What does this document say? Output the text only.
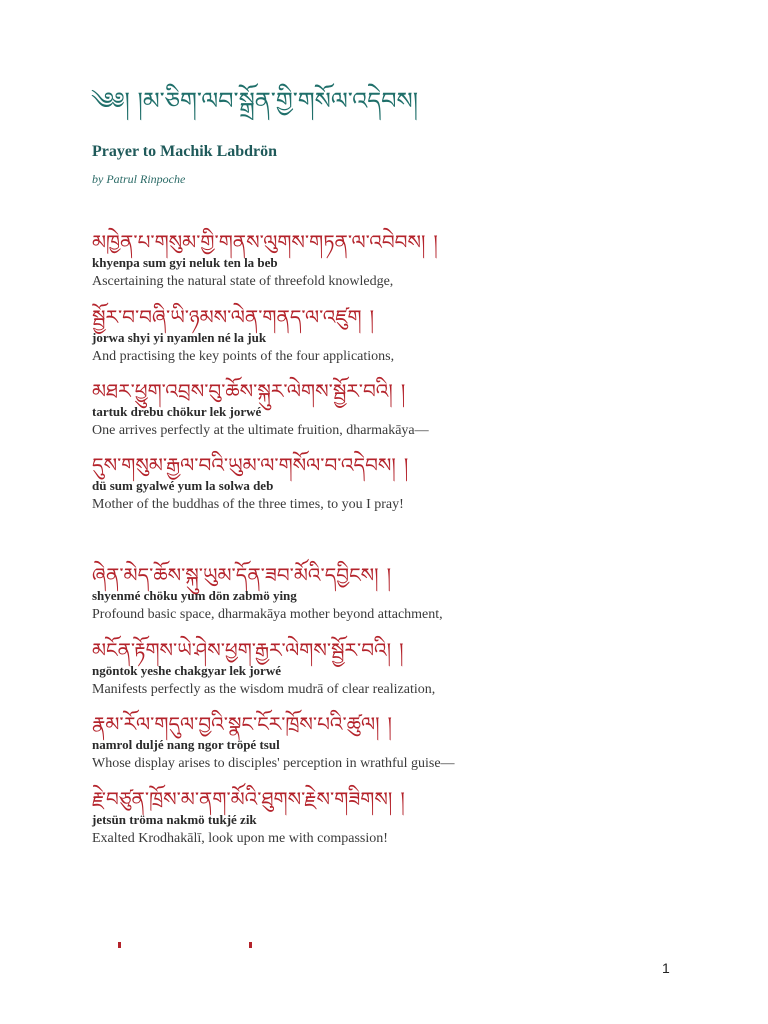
༄༅། །མ་ཅིག་ལབ་སྒྲོན་གྱི་གསོལ་འདེབས།
Prayer to Machik Labdrön
by Patrul Rinpoche
མཁྱེན་པ་གསུམ་གྱི་གནས་ལུགས་གཏན་ལ་འབེབས། །
khyenpa sum gyi neluk ten la beb
Ascertaining the natural state of threefold knowledge,
སྦྱོར་བ་བཞི་ཡི་ཉམས་ལེན་གནད་ལ་འཛུག །
jorwa shyi yi nyamlen né la juk
And practising the key points of the four applications,
མཐར་ཕྱུག་འབྲས་བུ་ཆོས་སྐུར་ལེགས་སྦྱོར་བའི། །
tartuk drebu chökur lek jorwé
One arrives perfectly at the ultimate fruition, dharmakāya—
དུས་གསུམ་རྒྱལ་བའི་ཡུམ་ལ་གསོལ་བ་འདེབས། །
dü sum gyalwé yum la solwa deb
Mother of the buddhas of the three times, to you I pray!
ཞེན་མེད་ཆོས་སྐུ་ཡུམ་དོན་ཟབ་མོའི་དབྱིངས། །
shyenmé chöku yum dön zabmö ying
Profound basic space, dharmakāya mother beyond attachment,
མངོན་རྟོགས་ཡེ་ཤེས་ཕྱག་རྒྱར་ལེགས་སྦྱོར་བའི། །
ngöntok yeshe chakgyar lek jorwé
Manifests perfectly as the wisdom mudrā of clear realization,
རྣམ་རོལ་གདུལ་བྱའི་སྣང་ངོར་ཁྲོས་པའི་ཚུལ། །
namrol duljé nang ngor tröpé tsul
Whose display arises to disciples' perception in wrathful guise—
རྗེ་བཙུན་ཁྲོས་མ་ནག་མོའི་ཐུགས་རྗེས་གཟིགས། །
jetsün tröma nakmö tukjé zik
Exalted Krodhakālī, look upon me with compassion!
1
